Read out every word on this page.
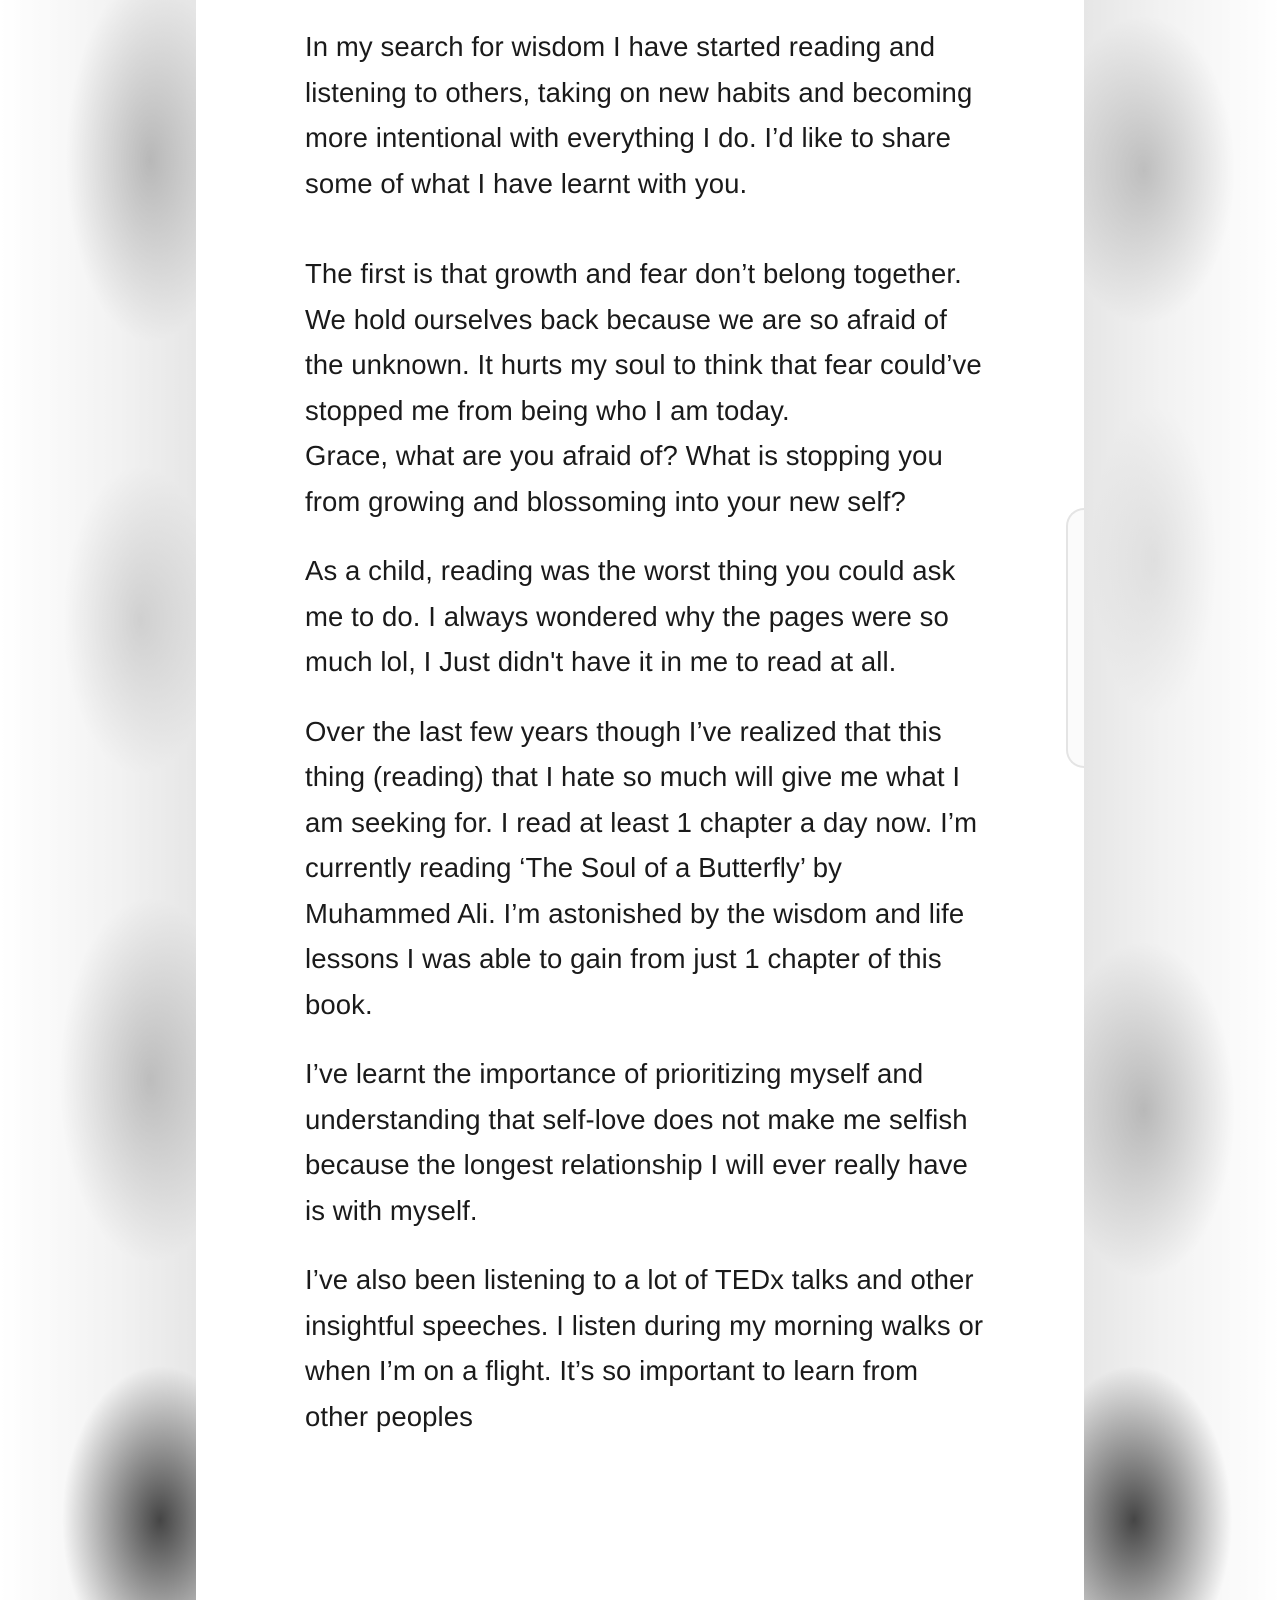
In my search for wisdom I have started reading and listening to others, taking on new habits and becoming more intentional with everything I do. I’d like to share some of what I have learnt with you.

The first is that growth and fear don’t belong together. We hold ourselves back because we are so afraid of the unknown. It hurts my soul to think that fear could’ve stopped me from being who I am today.

Grace, what are you afraid of? What is stopping you from growing and blossoming into your new self?

As a child, reading was the worst thing you could ask me to do. I always wondered why the pages were so much lol, I Just didn't have it in me to read at all.

Over the last few years though I’ve realized that this thing (reading) that I hate so much will give me what I am seeking for. I read at least 1 chapter a day now. I’m currently reading ‘The Soul of a Butterfly’ by Muhammed Ali. I’m astonished by the wisdom and life lessons I was able to gain from just 1 chapter of this book.

I’ve learnt the importance of prioritizing myself and understanding that self-love does not make me selfish because the longest relationship I will ever really have is with myself.

I’ve also been listening to a lot of TEDx talks and other insightful speeches. I listen during my morning walks or when I’m on a flight. It’s so important to learn from other peoples
